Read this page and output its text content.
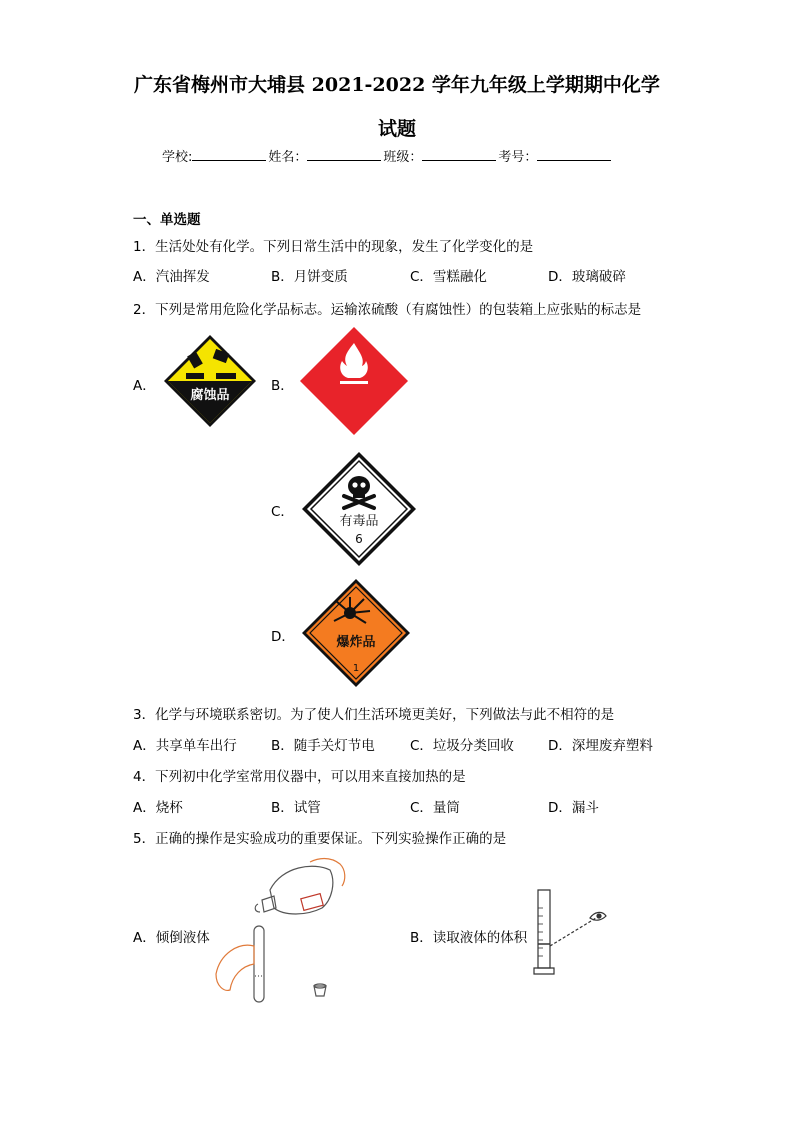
广东省梅州市大埔县 2021-2022 学年九年级上学期期中化学
试题
学校:	姓名：	班级：	考号：
一、单选题
1．生活处处有化学。下列日常生活中的现象，发生了化学变化的是
A．汽油挥发	B．月饼变质	C．雪糕融化	D．玻璃破碎
2．下列是常用危险化学品标志。运输浓硫酸（有腐蚀性）的包装箱上应张贴的标志是
A．	B．
C．
D．
腐蚀品
有毒品
6
爆炸品
1
3．化学与环境联系密切。为了使人们生活环境更美好，下列做法与此不相符的是
A．共享单车出行	B．随手关灯节电	C．垃圾分类回收	D．深埋废弃塑料
4．下列初中化学室常用仪器中，可以用来直接加热的是
A．烧杯	B．试管	C．量筒	D．漏斗
5．正确的操作是实验成功的重要保证。下列实验操作正确的是
A．倾倒液体	B．读取液体的体积
